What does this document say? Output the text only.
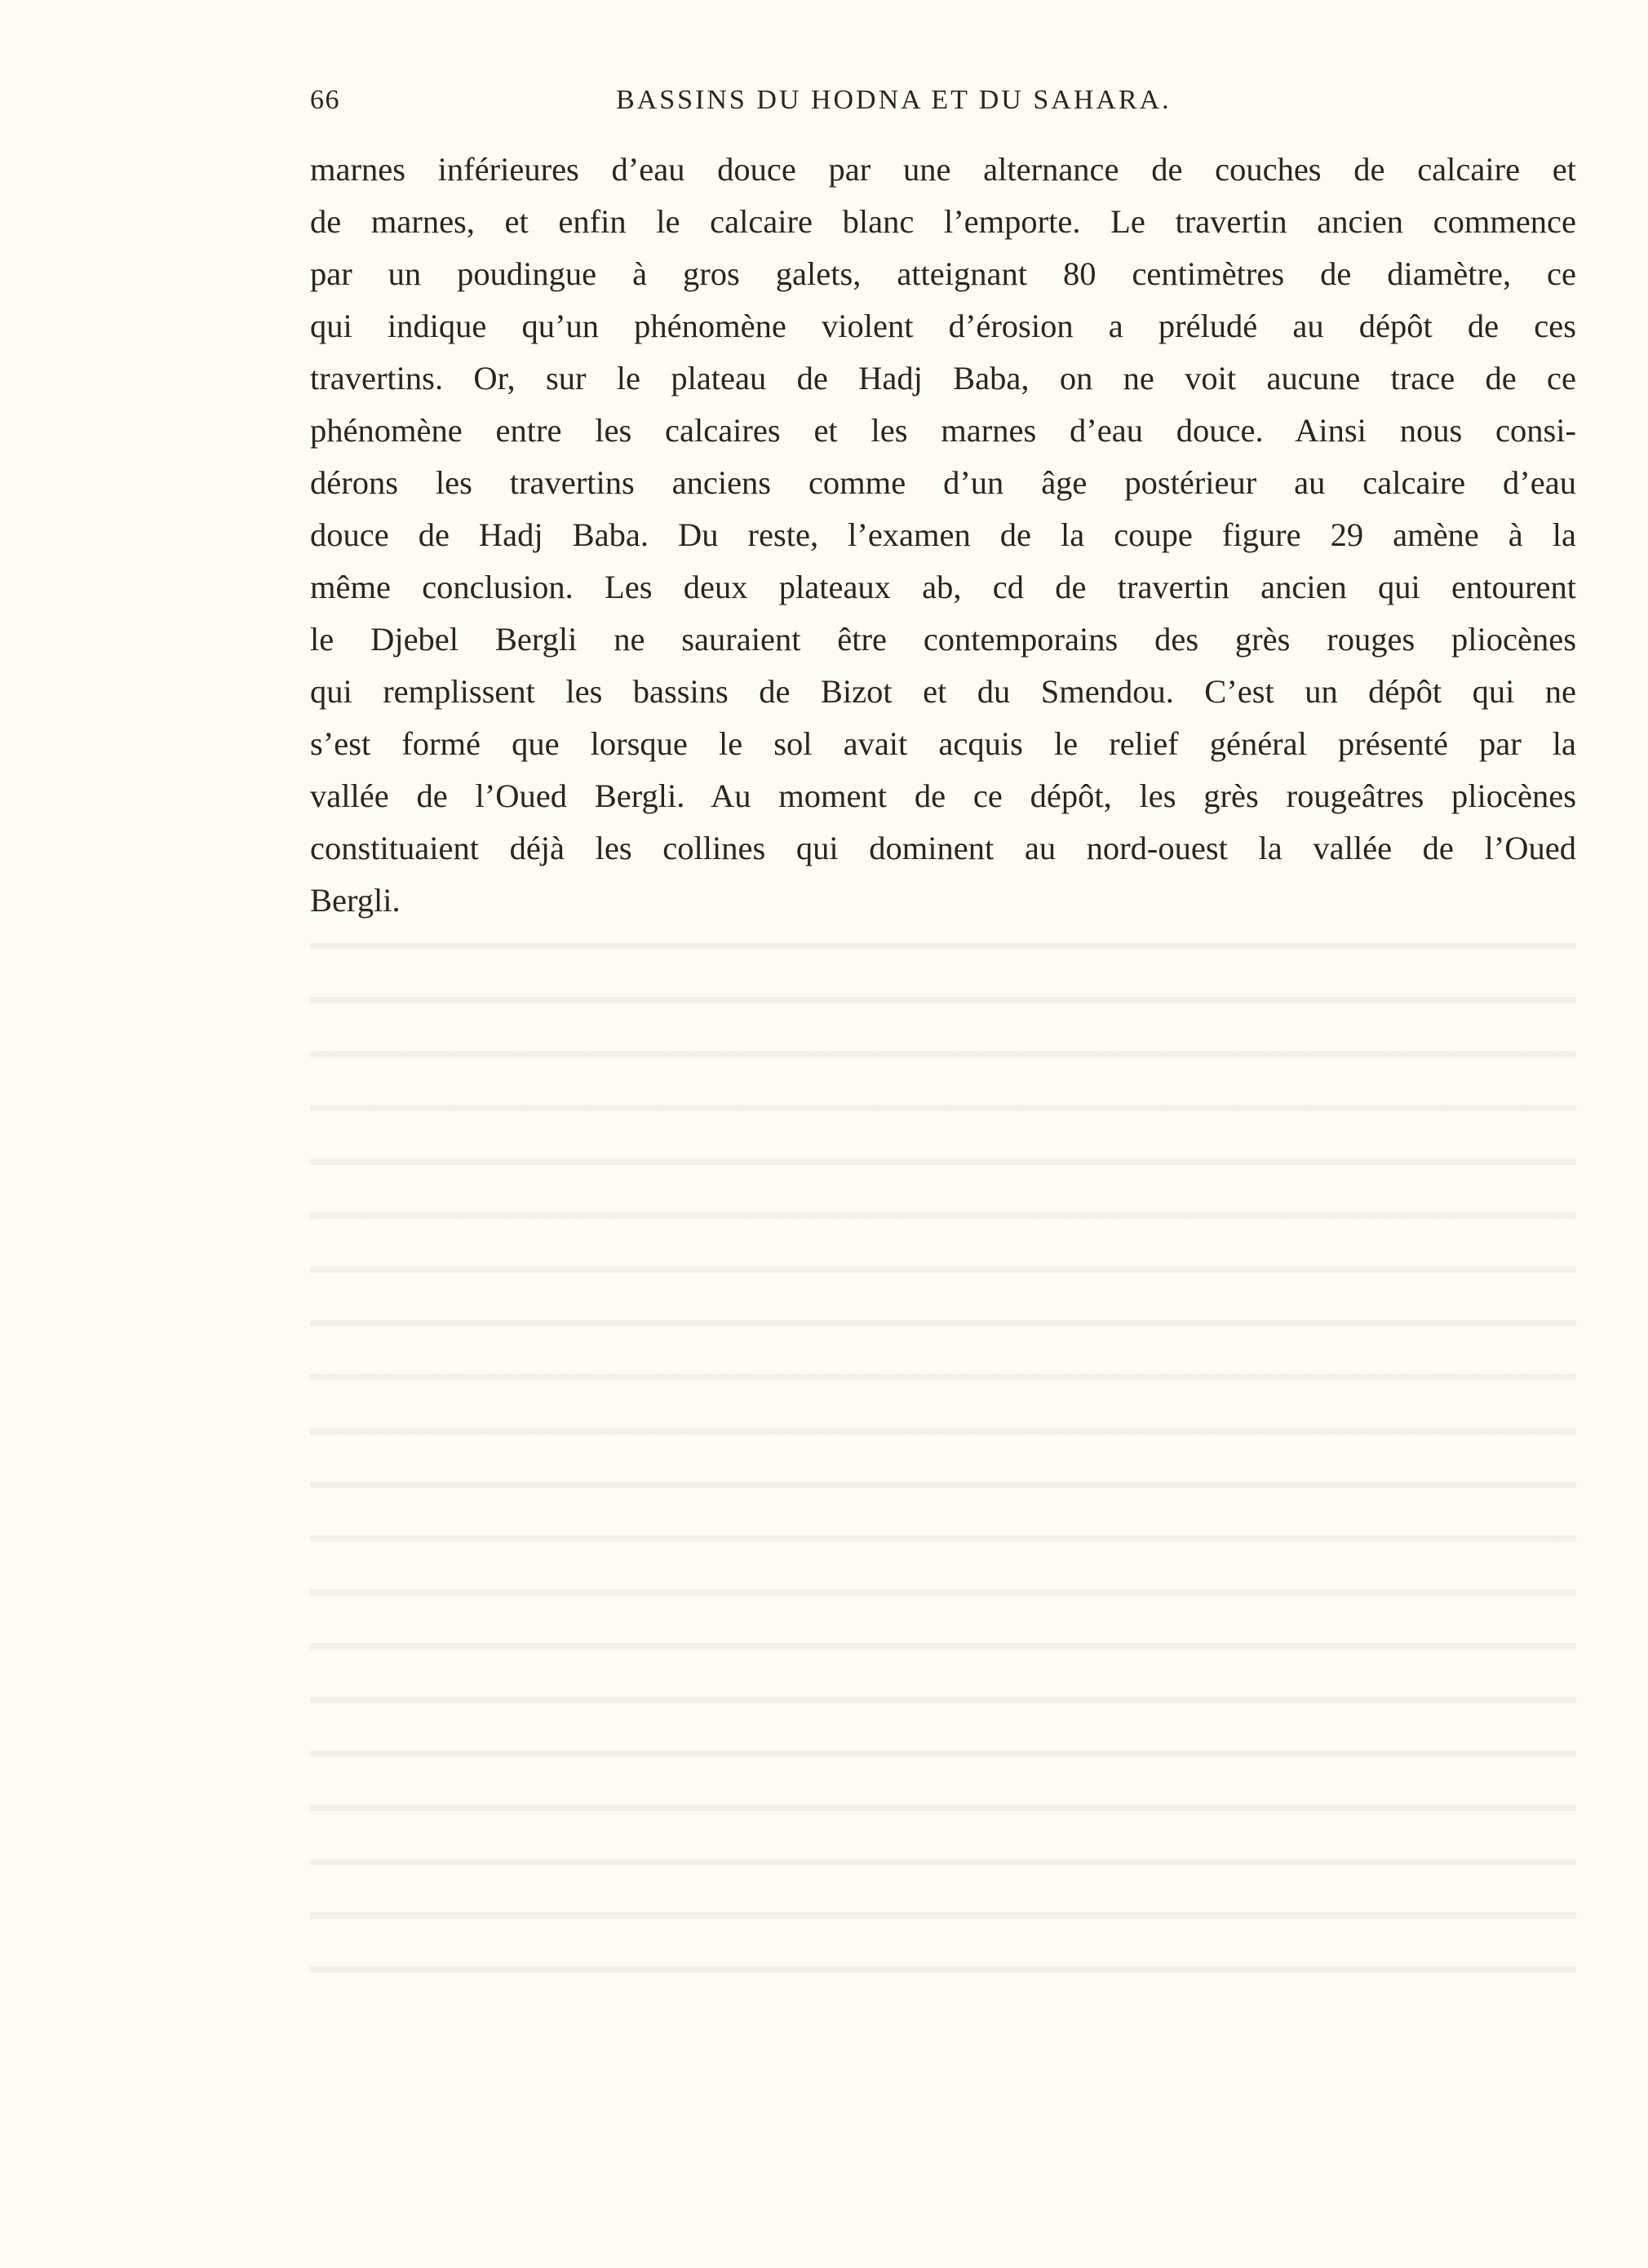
66	BASSINS DU HODNA ET DU SAHARA.
marnes inférieures d’eau douce par une alternance de couches de calcaire et
de marnes, et enfin le calcaire blanc l’emporte. Le travertin ancien commence
par un poudingue à gros galets, atteignant 80 centimètres de diamètre, ce
qui indique qu’un phénomène violent d’érosion a préludé au dépôt de ces
travertins. Or, sur le plateau de Hadj Baba, on ne voit aucune trace de ce
phénomène entre les calcaires et les marnes d’eau douce. Ainsi nous consi-
dérons les travertins anciens comme d’un âge postérieur au calcaire d’eau
douce de Hadj Baba. Du reste, l’examen de la coupe figure 29 amène à la
même conclusion. Les deux plateaux ab, cd de travertin ancien qui entourent
le Djebel Bergli ne sauraient être contemporains des grès rouges pliocènes
qui remplissent les bassins de Bizot et du Smendou. C’est un dépôt qui ne
s’est formé que lorsque le sol avait acquis le relief général présenté par la
vallée de l’Oued Bergli. Au moment de ce dépôt, les grès rougeâtres pliocènes
constituaient déjà les collines qui dominent au nord-ouest la vallée de l’Oued
Bergli.
